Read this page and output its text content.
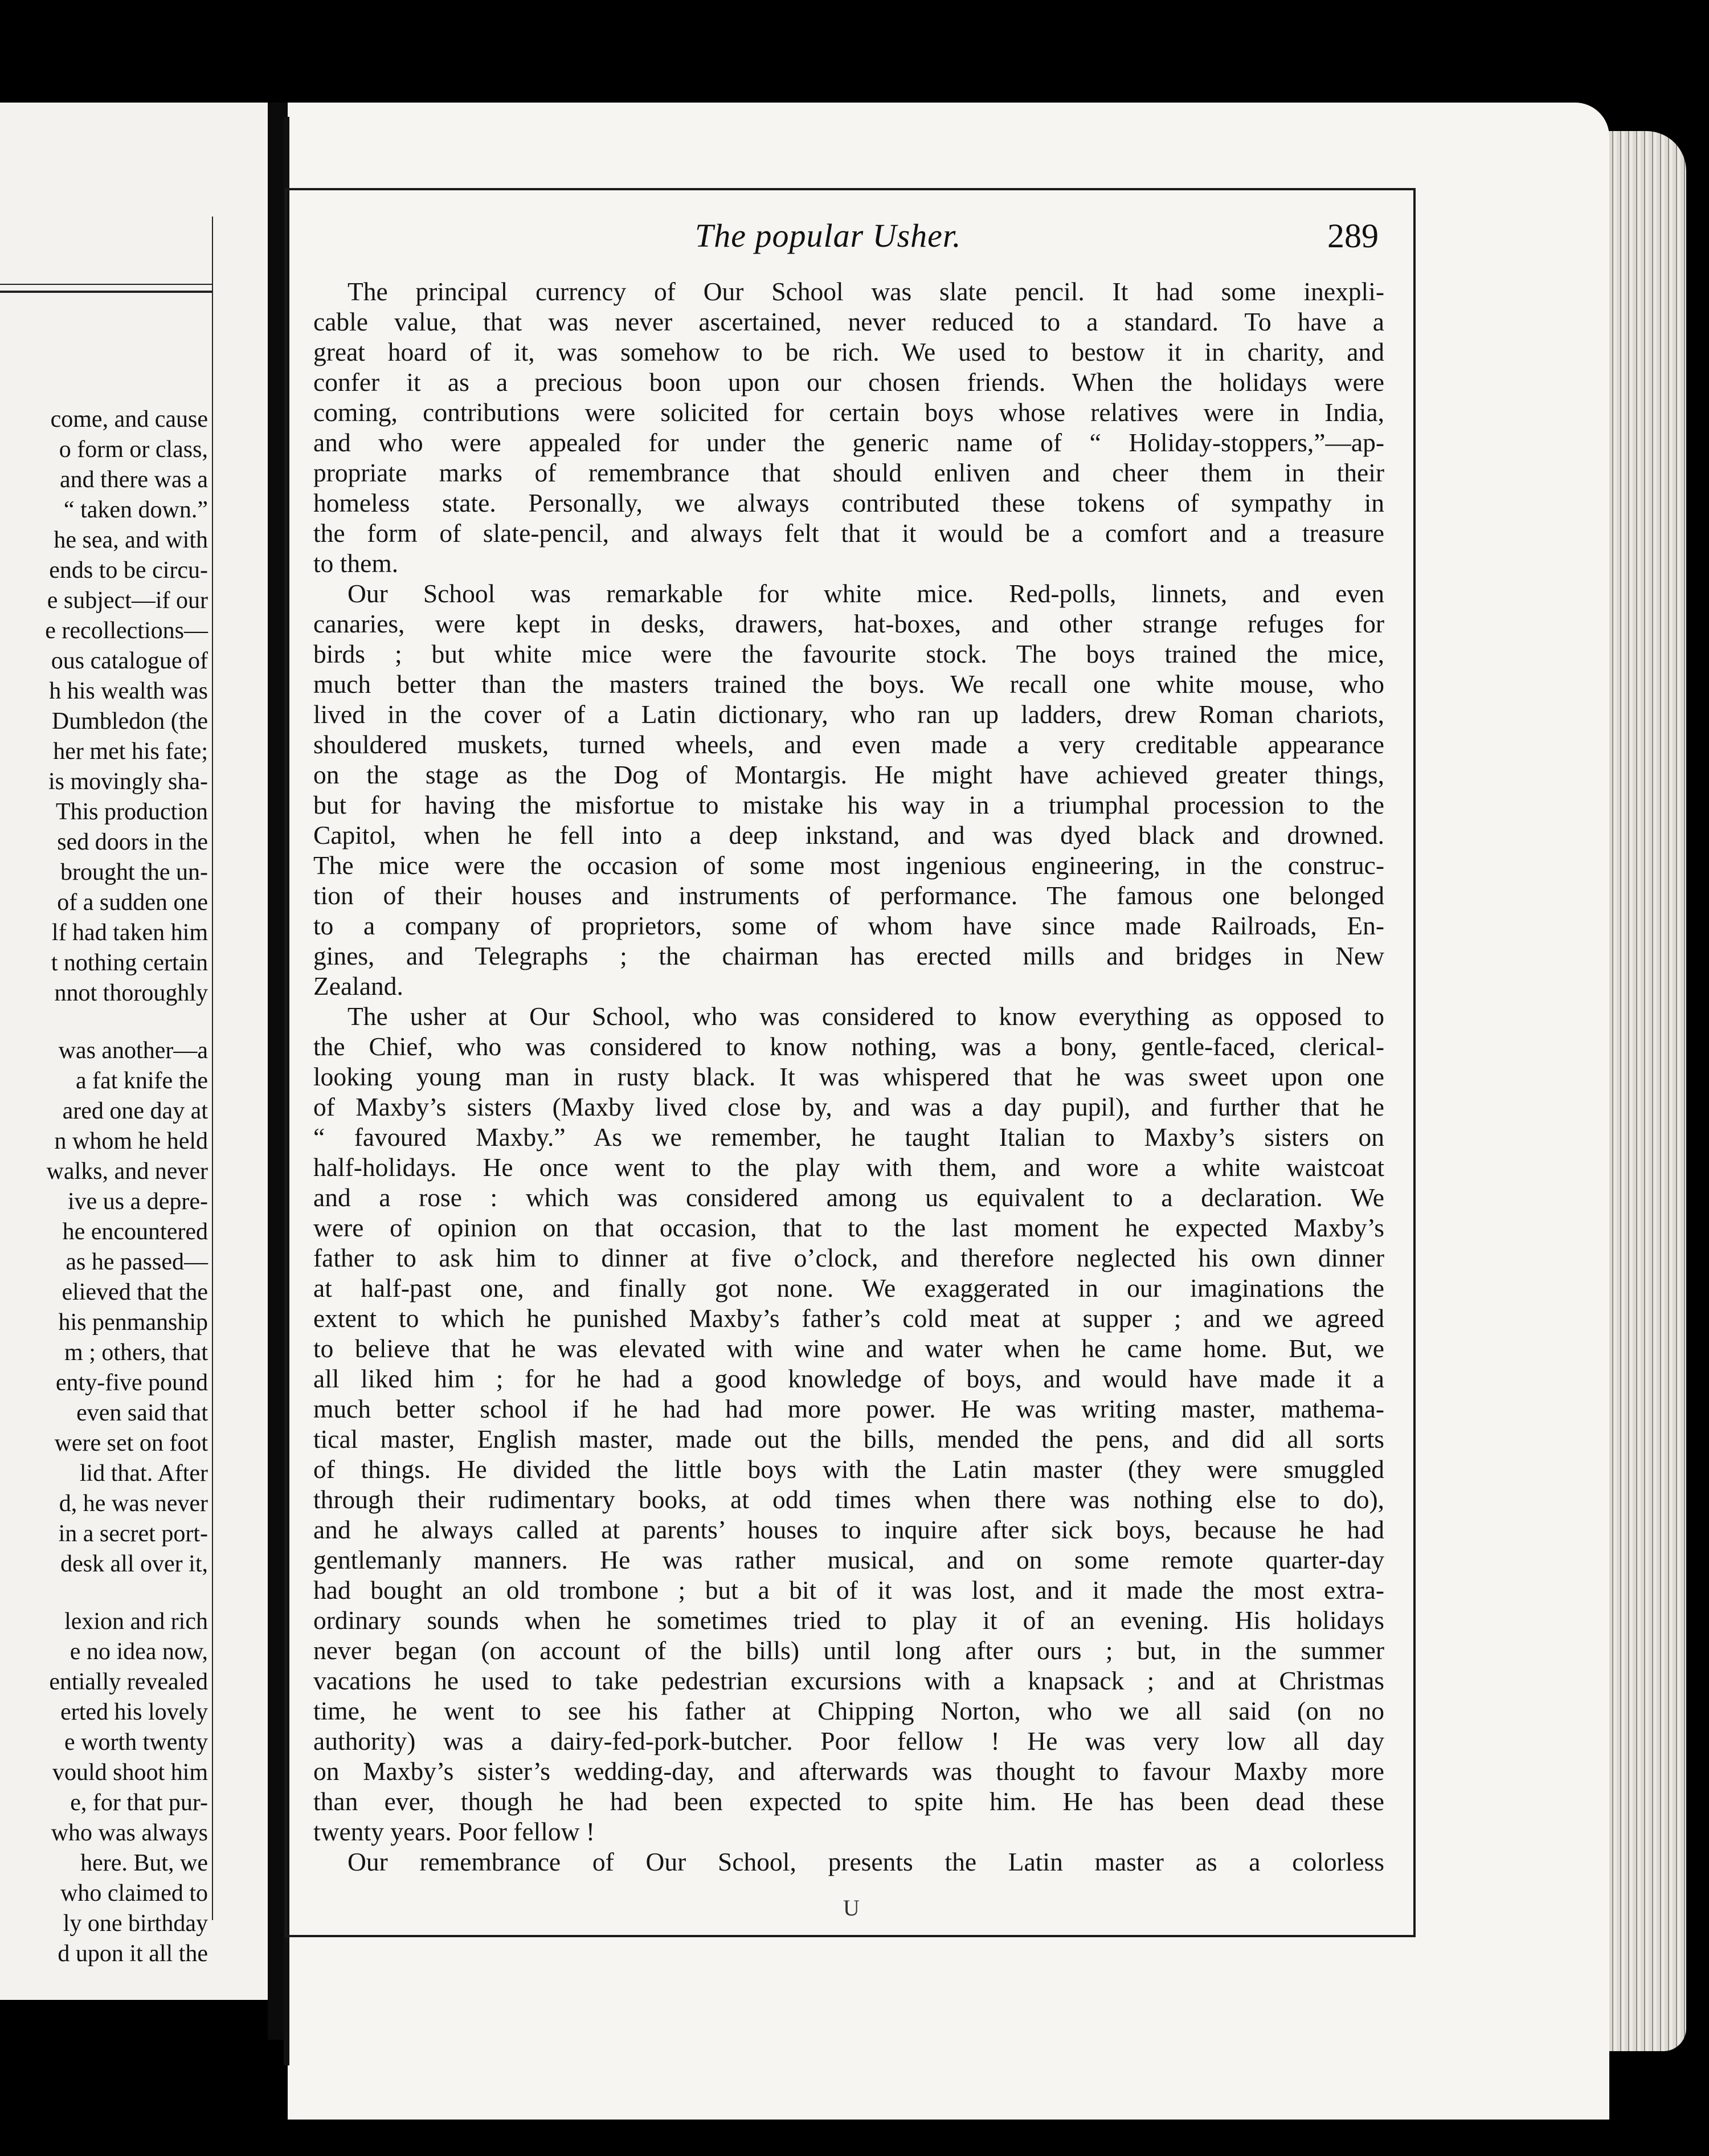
come, and cause
o form or class,
and there was a
“ taken down.”
he sea, and with
ends to be circu-
e subject—if our
e recollections—
ous catalogue of
h his wealth was
Dumbledon (the
her met his fate;
is movingly sha-
This production
sed doors in the
brought the un-
of a sudden one
lf had taken him
t nothing certain
nnot thoroughly
was another—a
a fat knife the
ared one day at
n whom he held
walks, and never
ive us a depre-
he encountered
as he passed—
elieved that the
his penmanship
m ; others, that
enty-five pound
even said that
were set on foot
lid that. After
d, he was never
in a secret port-
desk all over it,
lexion and rich
e no idea now,
entially revealed
erted his lovely
e worth twenty
vould shoot him
e, for that pur-
who was always
here. But, we
who claimed to
ly one birthday
d upon it all the
The popular Usher.	289
The principal currency of Our School was slate pencil. It had some inexpli-
cable value, that was never ascertained, never reduced to a standard. To have a
great hoard of it, was somehow to be rich. We used to bestow it in charity, and
confer it as a precious boon upon our chosen friends. When the holidays were
coming, contributions were solicited for certain boys whose relatives were in India,
and who were appealed for under the generic name of “ Holiday-stoppers,”—ap-
propriate marks of remembrance that should enliven and cheer them in their
homeless state. Personally, we always contributed these tokens of sympathy in
the form of slate-pencil, and always felt that it would be a comfort and a treasure
to them.
Our School was remarkable for white mice. Red-polls, linnets, and even
canaries, were kept in desks, drawers, hat-boxes, and other strange refuges for
birds ; but white mice were the favourite stock. The boys trained the mice,
much better than the masters trained the boys. We recall one white mouse, who
lived in the cover of a Latin dictionary, who ran up ladders, drew Roman chariots,
shouldered muskets, turned wheels, and even made a very creditable appearance
on the stage as the Dog of Montargis. He might have achieved greater things,
but for having the misfortue to mistake his way in a triumphal procession to the
Capitol, when he fell into a deep inkstand, and was dyed black and drowned.
The mice were the occasion of some most ingenious engineering, in the construc-
tion of their houses and instruments of performance. The famous one belonged
to a company of proprietors, some of whom have since made Railroads, En-
gines, and Telegraphs ; the chairman has erected mills and bridges in New
Zealand.
The usher at Our School, who was considered to know everything as opposed to
the Chief, who was considered to know nothing, was a bony, gentle-faced, clerical-
looking young man in rusty black. It was whispered that he was sweet upon one
of Maxby’s sisters (Maxby lived close by, and was a day pupil), and further that he
“ favoured Maxby.” As we remember, he taught Italian to Maxby’s sisters on
half-holidays. He once went to the play with them, and wore a white waistcoat
and a rose : which was considered among us equivalent to a declaration. We
were of opinion on that occasion, that to the last moment he expected Maxby’s
father to ask him to dinner at five o’clock, and therefore neglected his own dinner
at half-past one, and finally got none. We exaggerated in our imaginations the
extent to which he punished Maxby’s father’s cold meat at supper ; and we agreed
to believe that he was elevated with wine and water when he came home. But, we
all liked him ; for he had a good knowledge of boys, and would have made it a
much better school if he had had more power. He was writing master, mathema-
tical master, English master, made out the bills, mended the pens, and did all sorts
of things. He divided the little boys with the Latin master (they were smuggled
through their rudimentary books, at odd times when there was nothing else to do),
and he always called at parents’ houses to inquire after sick boys, because he had
gentlemanly manners. He was rather musical, and on some remote quarter-day
had bought an old trombone ; but a bit of it was lost, and it made the most extra-
ordinary sounds when he sometimes tried to play it of an evening. His holidays
never began (on account of the bills) until long after ours ; but, in the summer
vacations he used to take pedestrian excursions with a knapsack ; and at Christmas
time, he went to see his father at Chipping Norton, who we all said (on no
authority) was a dairy-fed-pork-butcher. Poor fellow ! He was very low all day
on Maxby’s sister’s wedding-day, and afterwards was thought to favour Maxby more
than ever, though he had been expected to spite him. He has been dead these
twenty years. Poor fellow !
Our remembrance of Our School, presents the Latin master as a colorless
U
